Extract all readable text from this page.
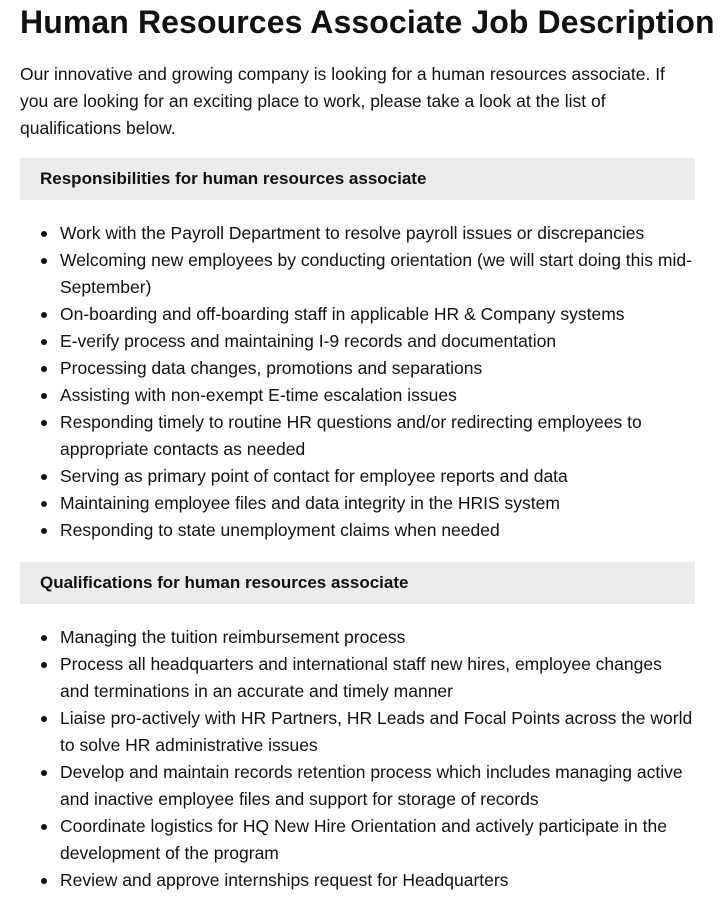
Human Resources Associate Job Description

Our innovative and growing company is looking for a human resources associate. If you are looking for an exciting place to work, please take a look at the list of qualifications below.

Responsibilities for human resources associate
Work with the Payroll Department to resolve payroll issues or discrepancies
Welcoming new employees by conducting orientation (we will start doing this mid-September)
On-boarding and off-boarding staff in applicable HR & Company systems
E-verify process and maintaining I-9 records and documentation
Processing data changes, promotions and separations
Assisting with non-exempt E-time escalation issues
Responding timely to routine HR questions and/or redirecting employees to appropriate contacts as needed
Serving as primary point of contact for employee reports and data
Maintaining employee files and data integrity in the HRIS system
Responding to state unemployment claims when needed
Qualifications for human resources associate
Managing the tuition reimbursement process
Process all headquarters and international staff new hires, employee changes and terminations in an accurate and timely manner
Liaise pro-actively with HR Partners, HR Leads and Focal Points across the world to solve HR administrative issues
Develop and maintain records retention process which includes managing active and inactive employee files and support for storage of records
Coordinate logistics for HQ New Hire Orientation and actively participate in the development of the program
Review and approve internships request for Headquarters
